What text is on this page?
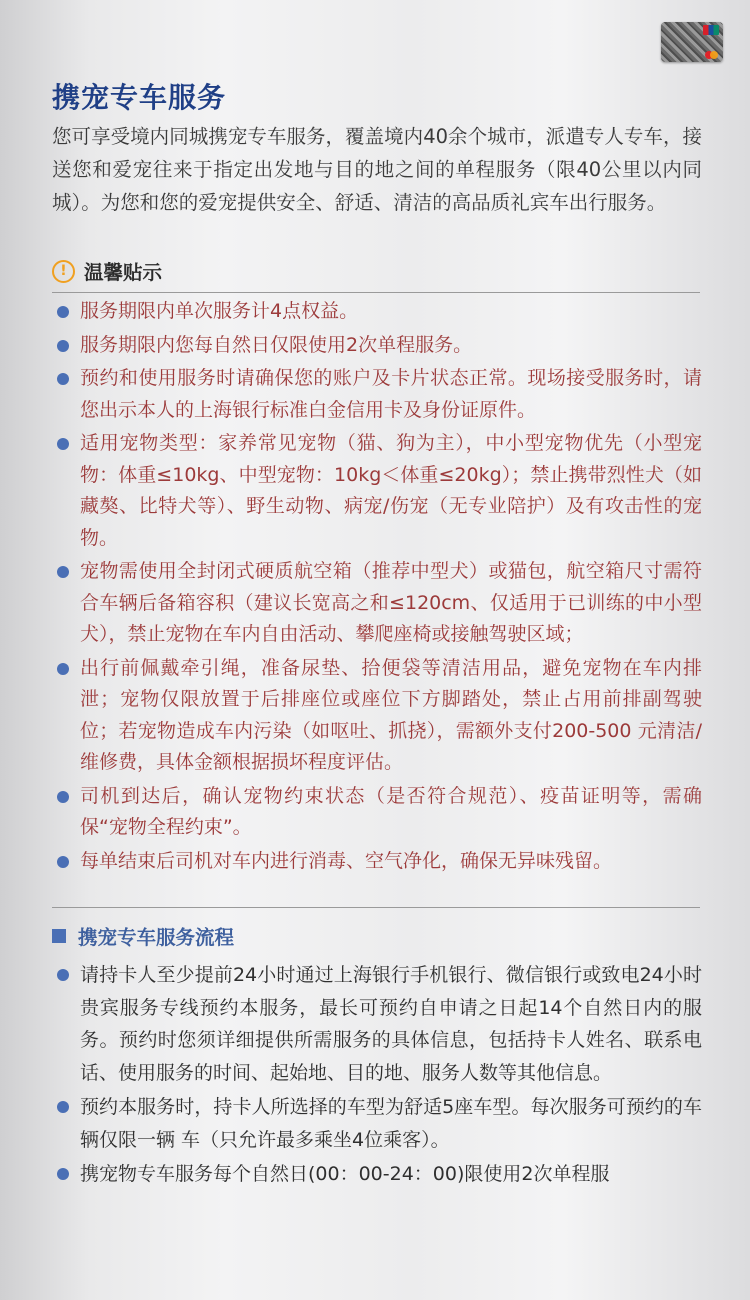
携宠专车服务
您可享受境内同城携宠专车服务，覆盖境内40余个城市，派遣专人专车，接送您和爱宠往来于指定出发地与目的地之间的单程服务（限40公里以内同城）。为您和您的爱宠提供安全、舒适、清洁的高品质礼宾车出行服务。
! 温馨贴示
服务期限内单次服务计4点权益。
服务期限内您每自然日仅限使用2次单程服务。
预约和使用服务时请确保您的账户及卡片状态正常。现场接受服务时，请您出示本人的上海银行标准白金信用卡及身份证原件。
适用宠物类型：家养常见宠物（猫、狗为主），中小型宠物优先（小型宠物：体重≤10kg、中型宠物：10kg＜体重≤20kg）；禁止携带烈性犬（如藏獒、比特犬等）、野生动物、病宠/伤宠（无专业陪护）及有攻击性的宠物。
宠物需使用全封闭式硬质航空箱（推荐中型犬）或猫包，航空箱尺寸需符合车辆后备箱容积（建议长宽高之和≤120cm、仅适用于已训练的中小型犬），禁止宠物在车内自由活动、攀爬座椅或接触驾驶区域；
出行前佩戴牵引绳，准备尿垫、拾便袋等清洁用品，避免宠物在车内排泄；宠物仅限放置于后排座位或座位下方脚踏处，禁止占用前排副驾驶位；若宠物造成车内污染（如呕吐、抓挠），需额外支付200-500 元清洁/维修费，具体金额根据损坏程度评估。
司机到达后，确认宠物约束状态（是否符合规范）、疫苗证明等，需确保“宠物全程约束”。
每单结束后司机对车内进行消毒、空气净化，确保无异味残留。
携宠专车服务流程
请持卡人至少提前24小时通过上海银行手机银行、微信银行或致电24小时贵宾服务专线预约本服务，最长可预约自申请之日起14个自然日内的服务。预约时您须详细提供所需服务的具体信息，包括持卡人姓名、联系电话、使用服务的时间、起始地、目的地、服务人数等其他信息。
预约本服务时，持卡人所选择的车型为舒适5座车型。每次服务可预约的车辆仅限一辆 车（只允许最多乘坐4位乘客）。
携宠物专车服务每个自然日(00：00-24：00)限使用2次单程服
